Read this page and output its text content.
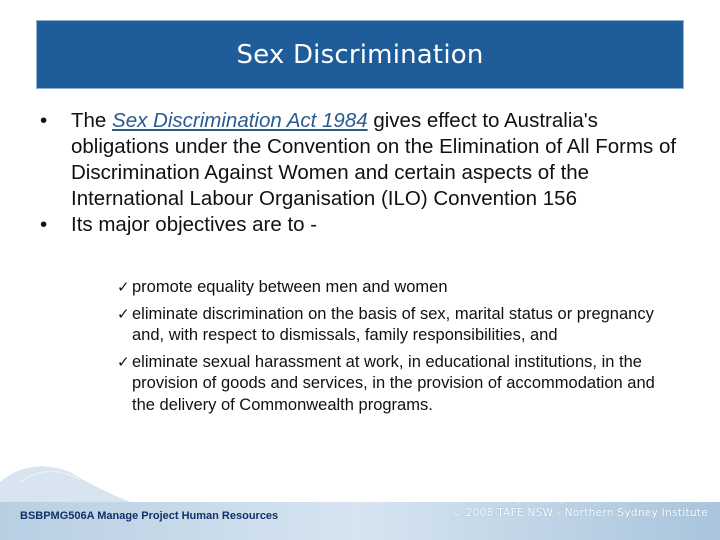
Sex Discrimination
•	The Sex Discrimination Act 1984 gives effect to Australia's obligations under the Convention on the Elimination of All Forms of Discrimination Against Women and certain aspects of the International Labour Organisation (ILO) Convention 156
•	Its major objectives are to -
✓ promote equality between men and women
✓ eliminate discrimination on the basis of sex, marital status or pregnancy and, with respect to dismissals, family responsibilities, and
✓ eliminate sexual harassment at work, in educational institutions, in the provision of goods and services, in the provision of accommodation and the delivery of Commonwealth programs.
BSBPMG506A Manage Project Human Resources	© 2008 TAFE NSW - Northern Sydney Institute
